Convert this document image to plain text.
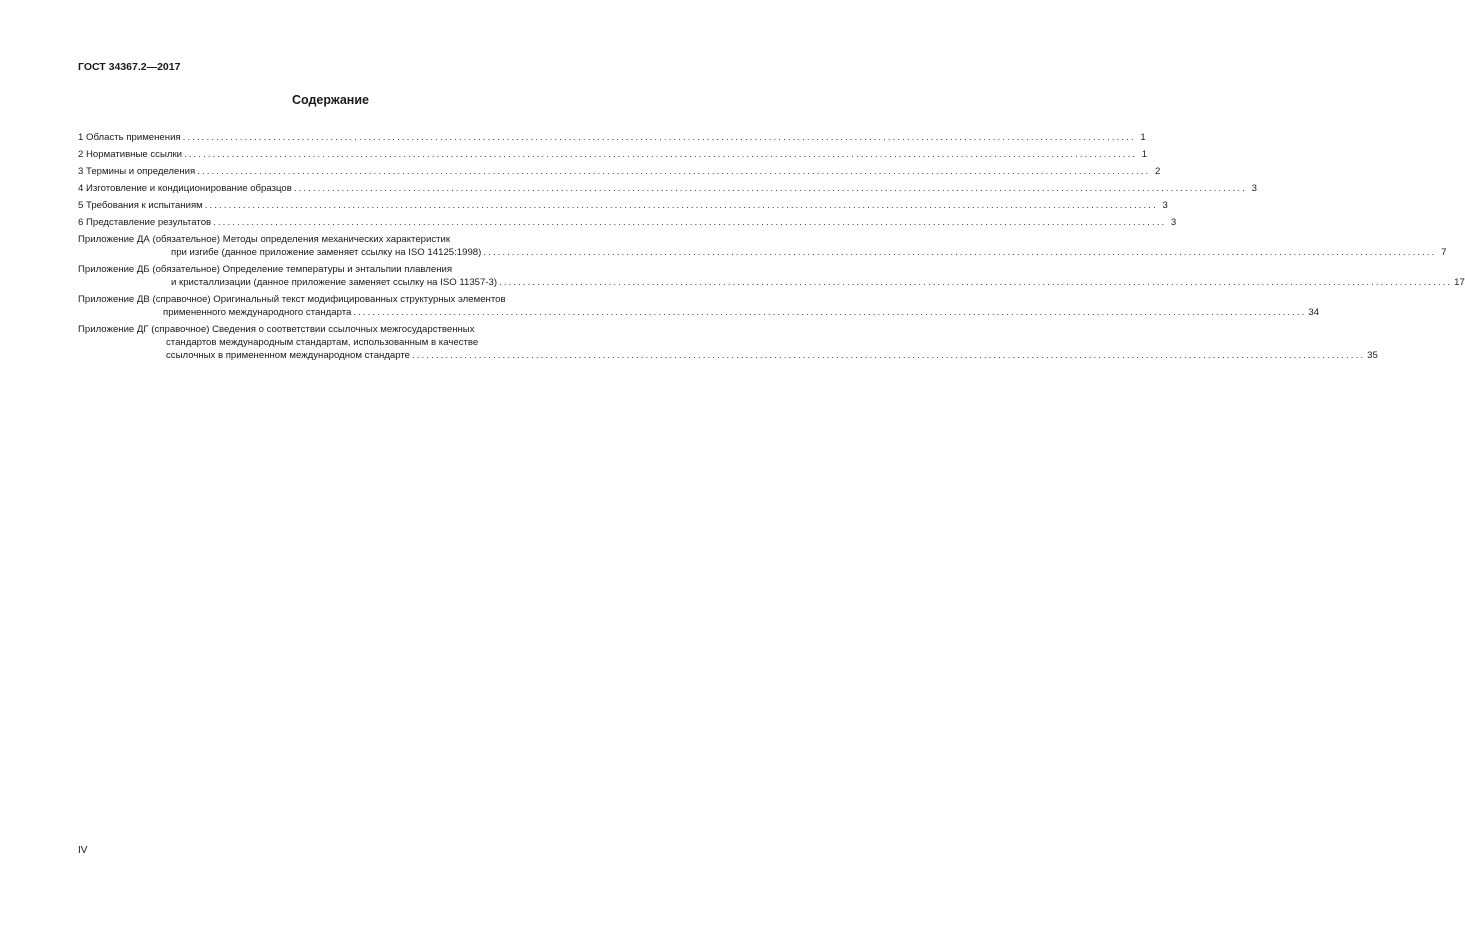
ГОСТ 34367.2—2017
Содержание
1 Область применения ........................................................................................................................................................................................................ 1
2 Нормативные ссылки ........................................................................................................................................................................................................ 1
3 Термины и определения ........................................................................................................................................................................................................ 2
4 Изготовление и кондиционирование образцов ........................................................................................................................................................................................................ 3
5 Требования к испытаниям ........................................................................................................................................................................................................ 3
6 Представление результатов ........................................................................................................................................................................................................ 3
Приложение ДА (обязательное) Методы определения механических характеристик
при изгибе (данное приложение заменяет ссылку на ISO 14125:1998) ........................................................................................................................................................................................................ 7
Приложение ДБ (обязательное) Определение температуры и энтальпии плавления
и кристаллизации (данное приложение заменяет ссылку на ISO 11357-3) ........................................................................................................................................................................................................ 17
Приложение ДВ (справочное) Оригинальный текст модифицированных структурных элементов
примененного международного стандарта ........................................................................................................................................................................................................ 34
Приложение ДГ (справочное) Сведения о соответствии ссылочных межгосударственных
стандартов международным стандартам, использованным в качестве
ссылочных в примененном международном стандарте ........................................................................................................................................................................................................ 35
IV
